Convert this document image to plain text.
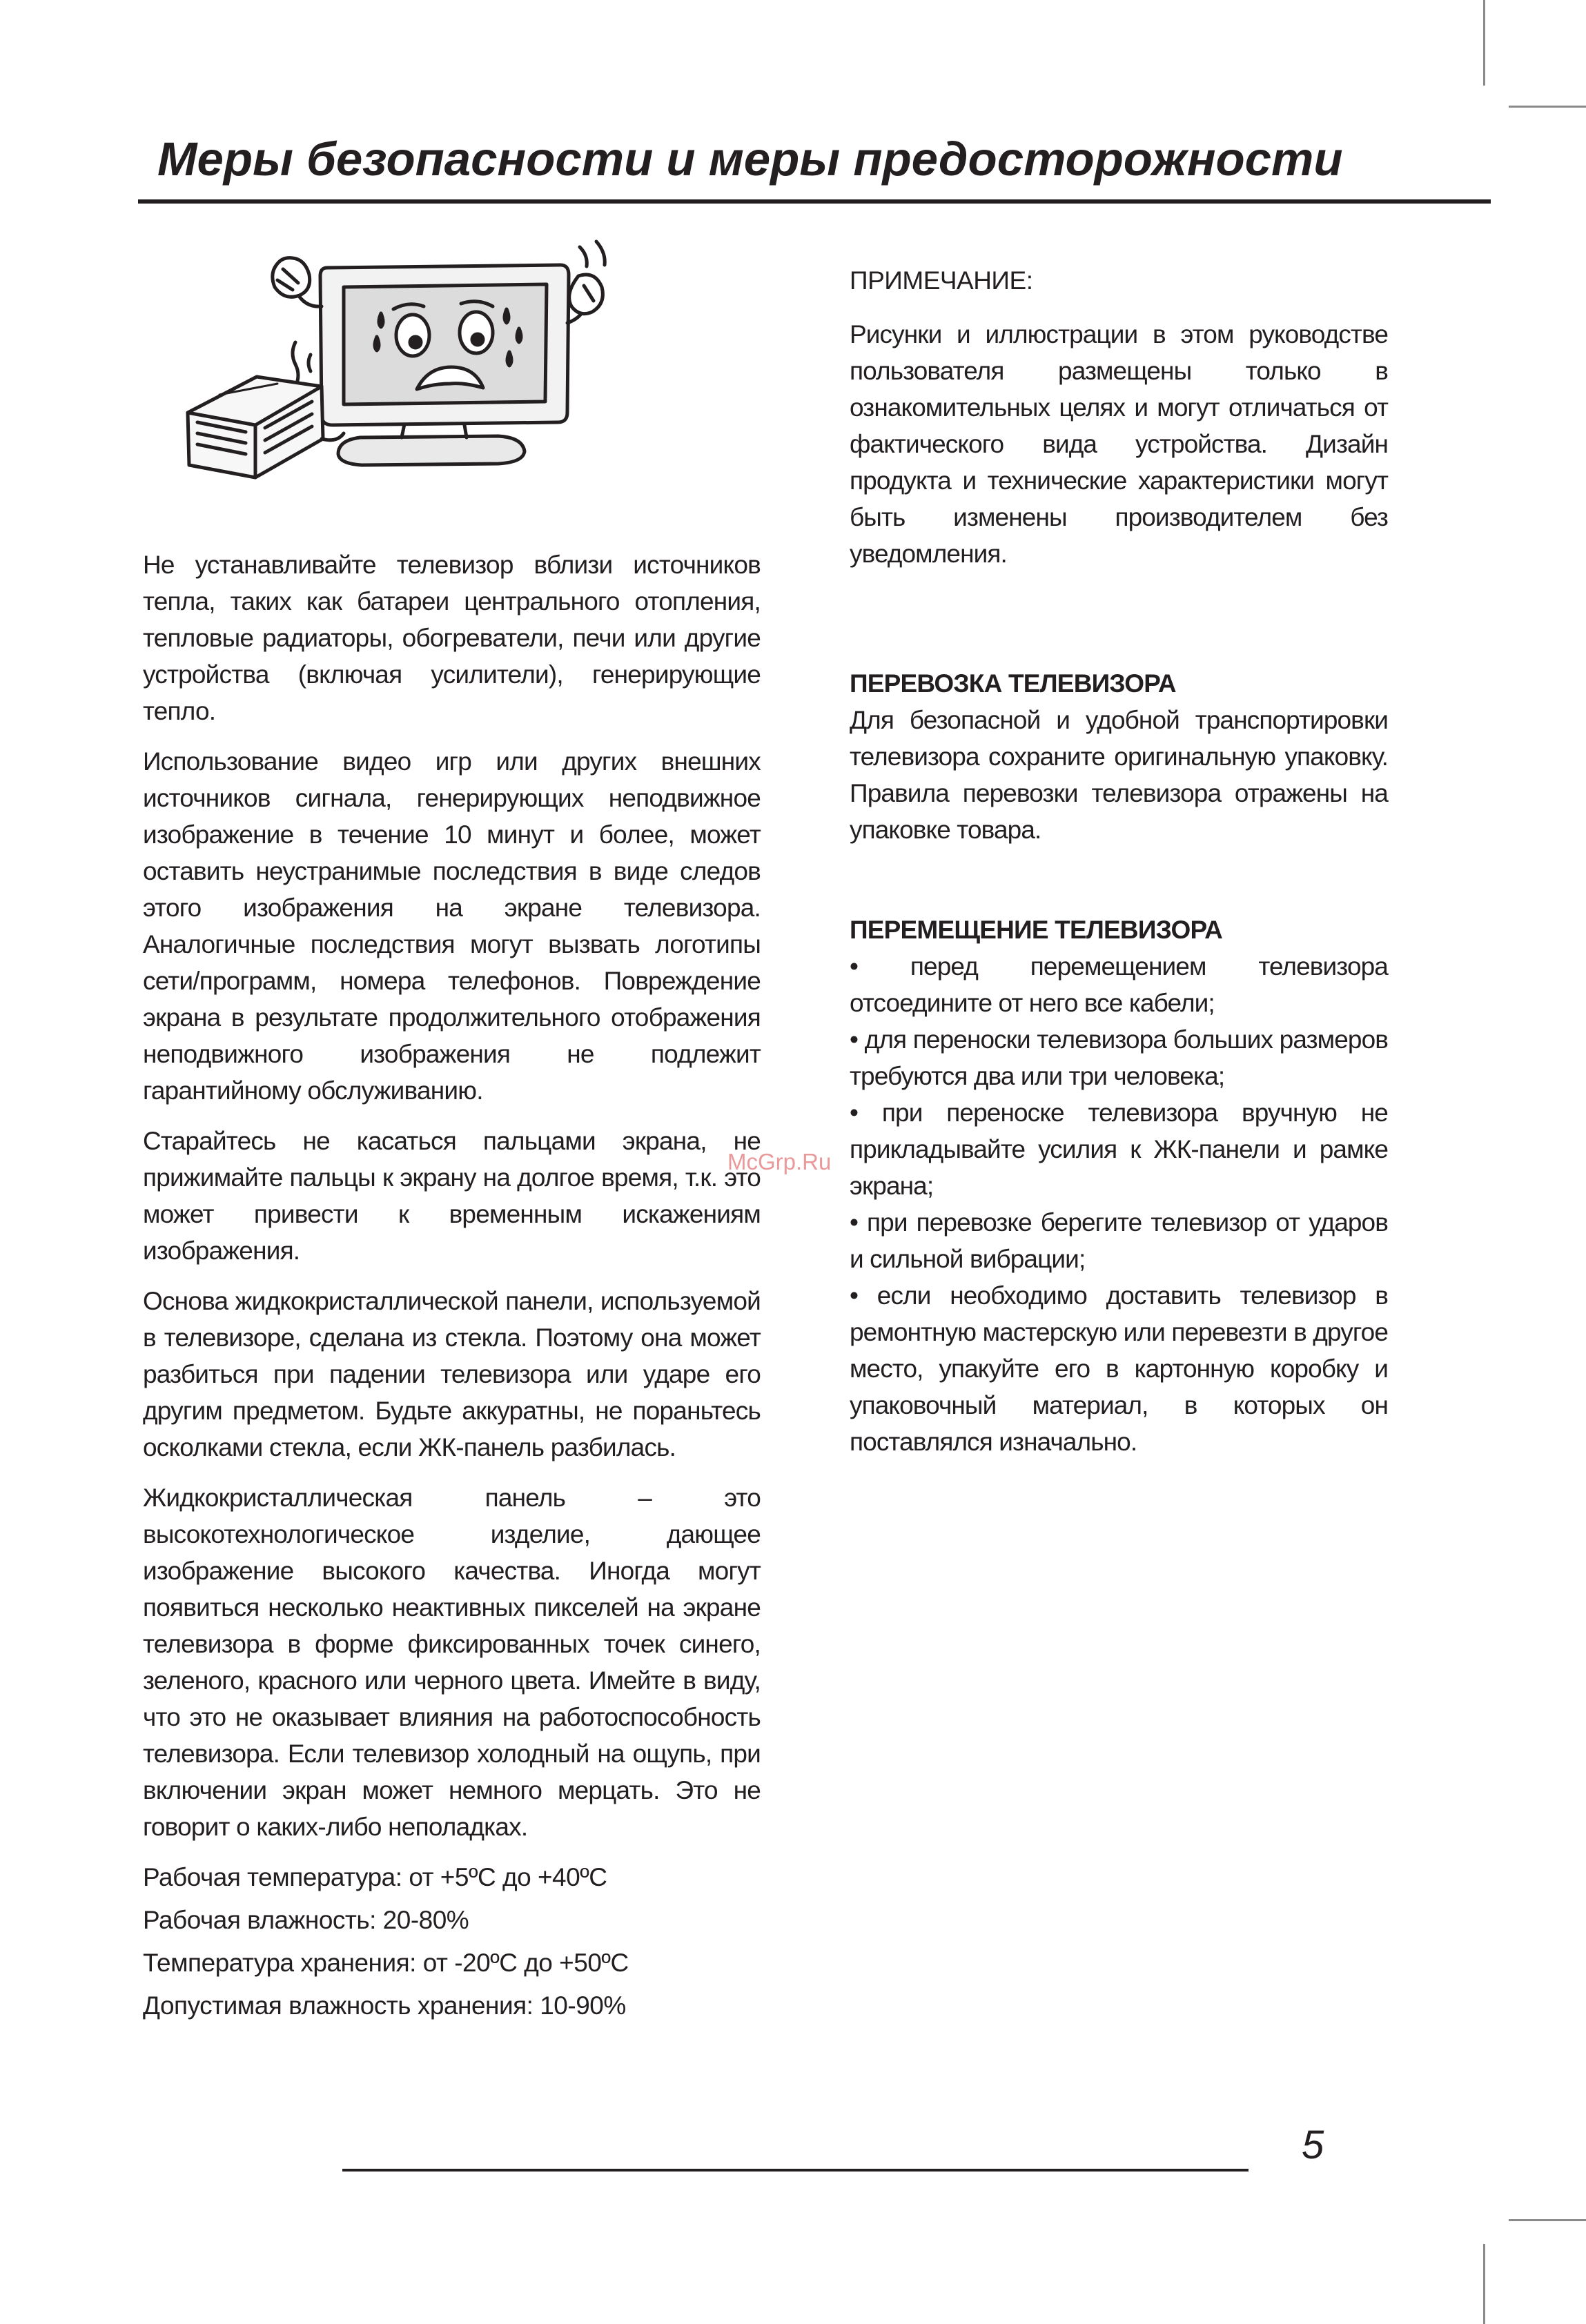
Меры безопасности и меры предосторожности

Не устанавливайте телевизор вблизи источников тепла, таких как батареи центрального отопления, тепловые радиаторы, обогреватели, печи или другие устройства (включая усилители), генерирующие тепло.

Использование видео игр или других внешних источников сигнала, генерирующих неподвижное изображение в течение 10 минут и более, может оставить неустранимые последствия в виде следов этого изображения на экране телевизора. Аналогичные последствия могут вызвать логотипы сети/программ, номера телефонов. Повреждение экрана в результате продолжительного отображения неподвижного изображения не подлежит гарантийному обслуживанию.

Старайтесь не касаться пальцами экрана, не прижимайте пальцы к экрану на долгое время, т.к. это может привести к временным искажениям изображения.

Основа жидкокристаллической панели, используемой в телевизоре, сделана из стекла. Поэтому она может разбиться при падении телевизора или ударе его другим предметом. Будьте аккуратны, не пораньтесь осколками стекла, если ЖК-панель разбилась.

Жидкокристаллическая панель – это высокотехнологическое изделие, дающее изображение высокого качества. Иногда могут появиться несколько неактивных пикселей на экране телевизора в форме фиксированных точек синего, зеленого, красного или черного цвета. Имейте в виду, что это не оказывает влияния на работоспособность телевизора. Если телевизор холодный на ощупь, при включении экран может немного мерцать. Это не говорит о каких-либо неполадках.

Рабочая температура: от +5ºС до +40ºС

Рабочая влажность: 20-80%

Температура хранения: от -20ºС до +50ºС

Допустимая влажность хранения: 10-90%

ПРИМЕЧАНИЕ:

Рисунки и иллюстрации в этом руководстве пользователя размещены только в ознакомительных целях и могут отличаться от фактического вида устройства. Дизайн продукта и технические характеристики могут быть изменены производителем без уведомления.

ПЕРЕВОЗКА ТЕЛЕВИЗОРА

Для безопасной и удобной транспортировки телевизора сохраните оригинальную упаковку. Правила перевозки телевизора отражены на упаковке товара.

ПЕРЕМЕЩЕНИЕ ТЕЛЕВИЗОРА
• перед перемещением телевизора отсоедините от него все кабели;
• для переноски телевизора больших размеров требуются два или три человека;
• при переноске телевизора вручную не прикладывайте усилия к ЖК-панели и рамке экрана;
• при перевозке берегите телевизор от ударов и сильной вибрации;
• если необходимо доставить телевизор в ремонтную мастерскую или перевезти в другое место, упакуйте его в картонную коробку и упаковочный материал, в которых он поставлялся изначально.
McGrp.Ru
5
